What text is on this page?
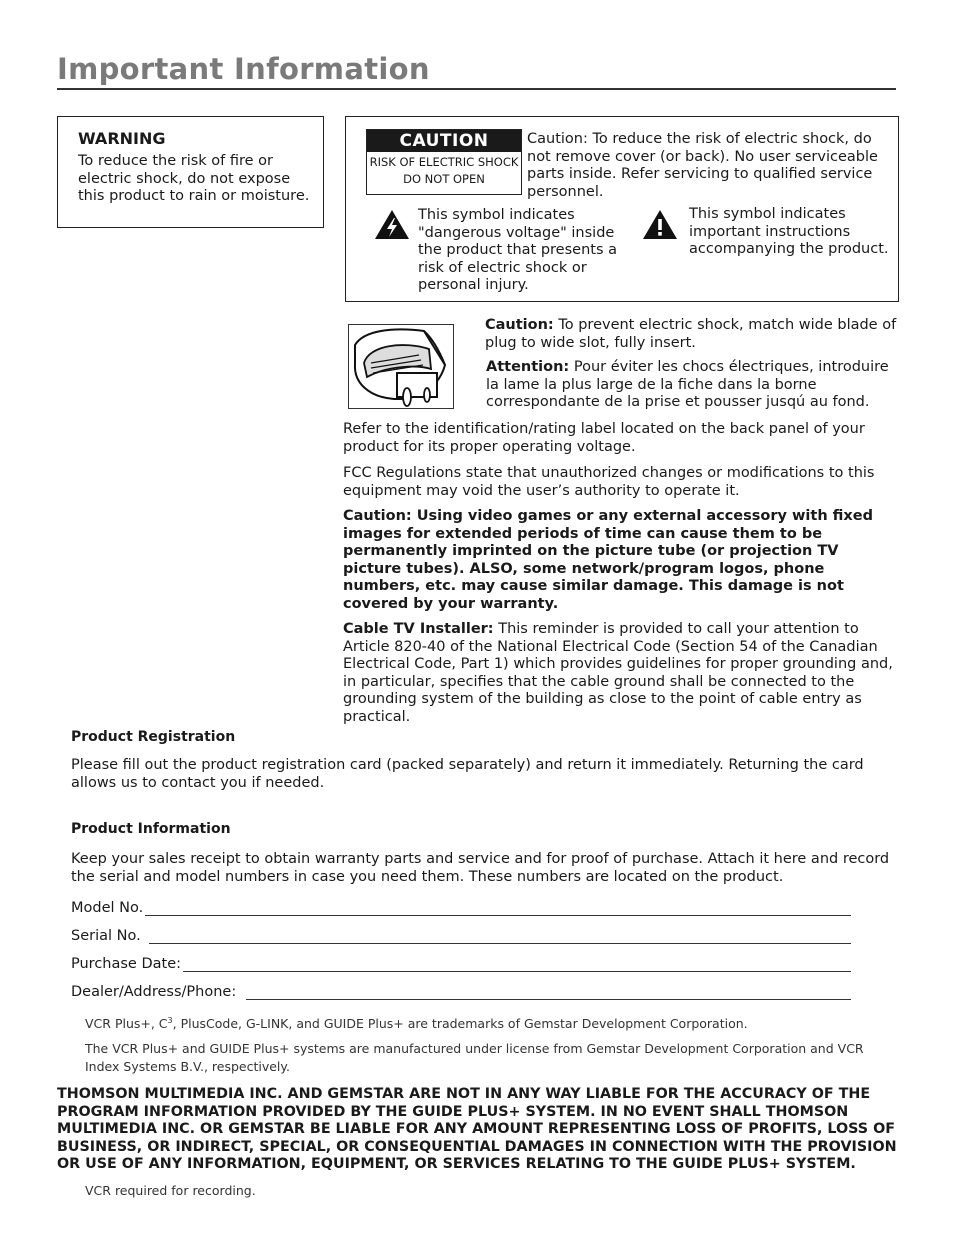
Important Information
WARNING
To reduce the risk of fire or electric shock, do not expose this product to rain or moisture.
CAUTION
RISK OF ELECTRIC SHOCK
DO NOT OPEN
Caution: To reduce the risk of electric shock, do not remove cover (or back). No user serviceable parts inside. Refer servicing to qualified service personnel.
This symbol indicates "dangerous voltage" inside the product that presents a risk of electric shock or personal injury.
This symbol indicates important instructions accompanying the product.
Caution: To prevent electric shock, match wide blade of plug to wide slot, fully insert.
Attention: Pour éviter les chocs électriques, introduire la lame la plus large de la fiche dans la borne correspondante de la prise et pousser jusqú au fond.
Refer to the identification/rating label located on the back panel of your product for its proper operating voltage.
FCC Regulations state that unauthorized changes or modifications to this equipment may void the user’s authority to operate it.
Caution: Using video games or any external accessory with fixed images for extended periods of time can cause them to be permanently imprinted on the picture tube (or projection TV picture tubes). ALSO, some network/program logos, phone numbers, etc. may cause similar damage. This damage is not covered by your warranty.
Cable TV Installer: This reminder is provided to call your attention to Article 820-40 of the National Electrical Code (Section 54 of the Canadian Electrical Code, Part 1) which provides guidelines for proper grounding and, in particular, specifies that the cable ground shall be connected to the grounding system of the building as close to the point of cable entry as practical.
Product Registration
Please fill out the product registration card (packed separately) and return it immediately. Returning the card allows us to contact you if needed.
Product Information
Keep your sales receipt to obtain warranty parts and service and for proof of purchase. Attach it here and record the serial and model numbers in case you need them. These numbers are located on the product.
Model No.
Serial No.
Purchase Date:
Dealer/Address/Phone:
VCR Plus+, $C^3$, PlusCode, G-LINK, and GUIDE Plus+ are trademarks of Gemstar Development Corporation.
The VCR Plus+ and GUIDE Plus+ systems are manufactured under license from Gemstar Development Corporation and VCR Index Systems B.V., respectively.
THOMSON MULTIMEDIA INC. AND GEMSTAR ARE NOT IN ANY WAY LIABLE FOR THE ACCURACY OF THE PROGRAM INFORMATION PROVIDED BY THE GUIDE PLUS+ SYSTEM. IN NO EVENT SHALL THOMSON MULTIMEDIA INC. OR GEMSTAR BE LIABLE FOR ANY AMOUNT REPRESENTING LOSS OF PROFITS, LOSS OF BUSINESS, OR INDIRECT, SPECIAL, OR CONSEQUENTIAL DAMAGES IN CONNECTION WITH THE PROVISION OR USE OF ANY INFORMATION, EQUIPMENT, OR SERVICES RELATING TO THE GUIDE PLUS+ SYSTEM.
VCR required for recording.
